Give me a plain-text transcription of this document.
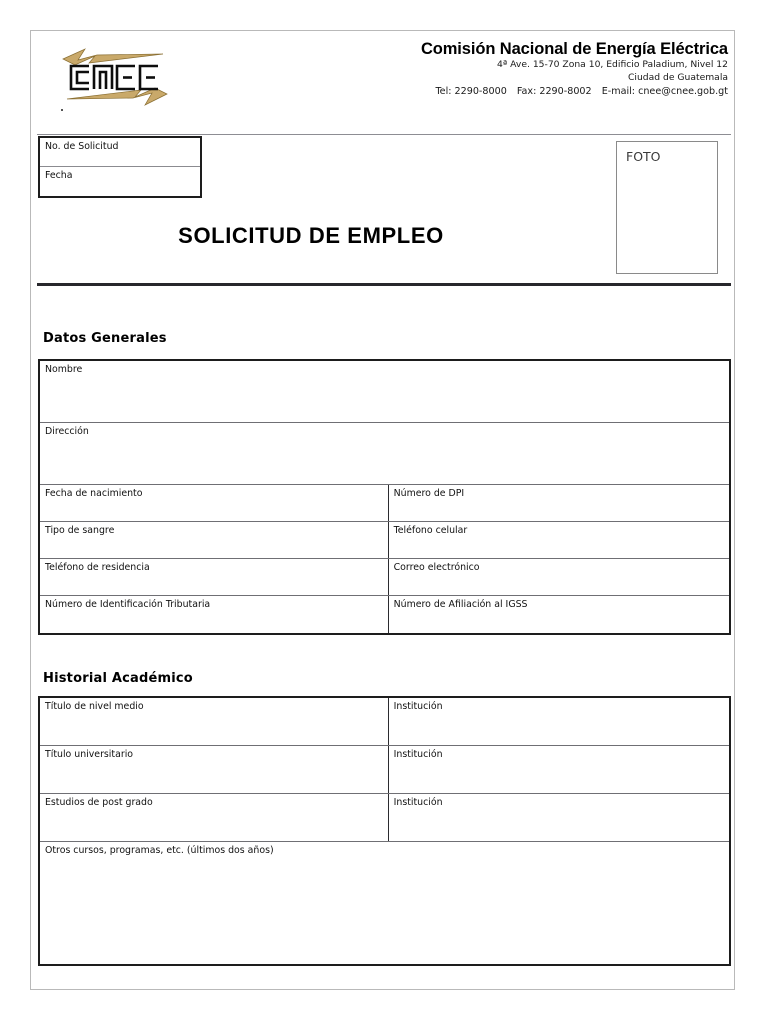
Comisión Nacional de Energía Eléctrica
4ª Ave. 15-70 Zona 10, Edificio Paladium, Nivel 12
Ciudad de Guatemala
Tel: 2290-8000 Fax: 2290-8002 E-mail: cnee@cnee.gob.gt
No. de Solicitud
Fecha
SOLICITUD DE EMPLEO
FOTO
Datos Generales
Nombre
Dirección
Fecha de nacimiento	Número de DPI
Tipo de sangre	Teléfono celular
Teléfono de residencia	Correo electrónico
Número de Identificación Tributaria	Número de Afiliación al IGSS
Historial Académico
Título de nivel medio	Institución
Título universitario	Institución
Estudios de post grado	Institución
Otros cursos, programas, etc. (últimos dos años)
